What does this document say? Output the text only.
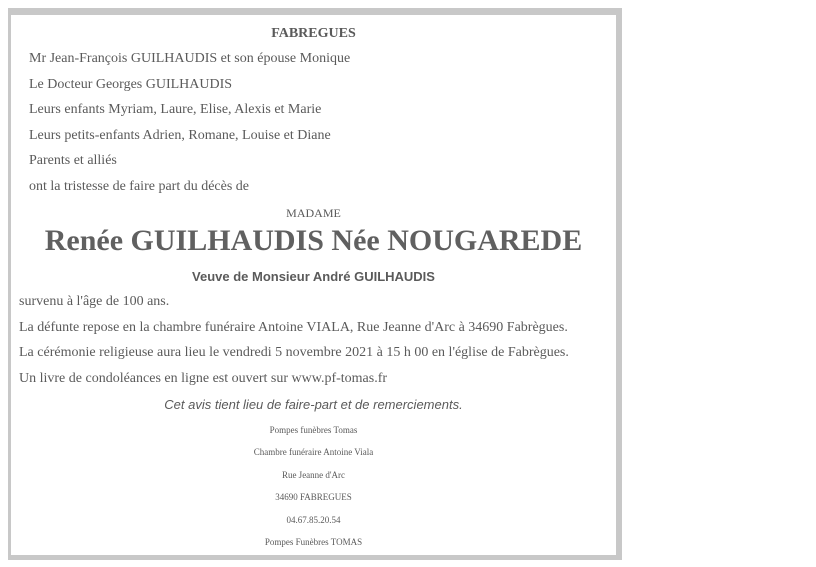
FABREGUES
Mr Jean-François GUILHAUDIS et son épouse Monique
Le Docteur Georges GUILHAUDIS
Leurs enfants Myriam, Laure, Elise, Alexis et Marie
Leurs petits-enfants Adrien, Romane, Louise et Diane
Parents et alliés
ont la tristesse de faire part du décès de
MADAME
Renée GUILHAUDIS Née NOUGAREDE
Veuve de Monsieur André GUILHAUDIS
survenu à l'âge de 100 ans.
La défunte repose en la chambre funéraire Antoine VIALA, Rue Jeanne d'Arc à 34690 Fabrègues.
La cérémonie religieuse aura lieu le vendredi 5 novembre 2021 à 15 h 00 en l'église de Fabrègues.
Un livre de condoléances en ligne est ouvert sur www.pf-tomas.fr
Cet avis tient lieu de faire-part et de remerciements.
Pompes funèbres Tomas
Chambre funéraire Antoine Viala
Rue Jeanne d'Arc
34690 FABREGUES
04.67.85.20.54
Pompes Funèbres TOMAS
